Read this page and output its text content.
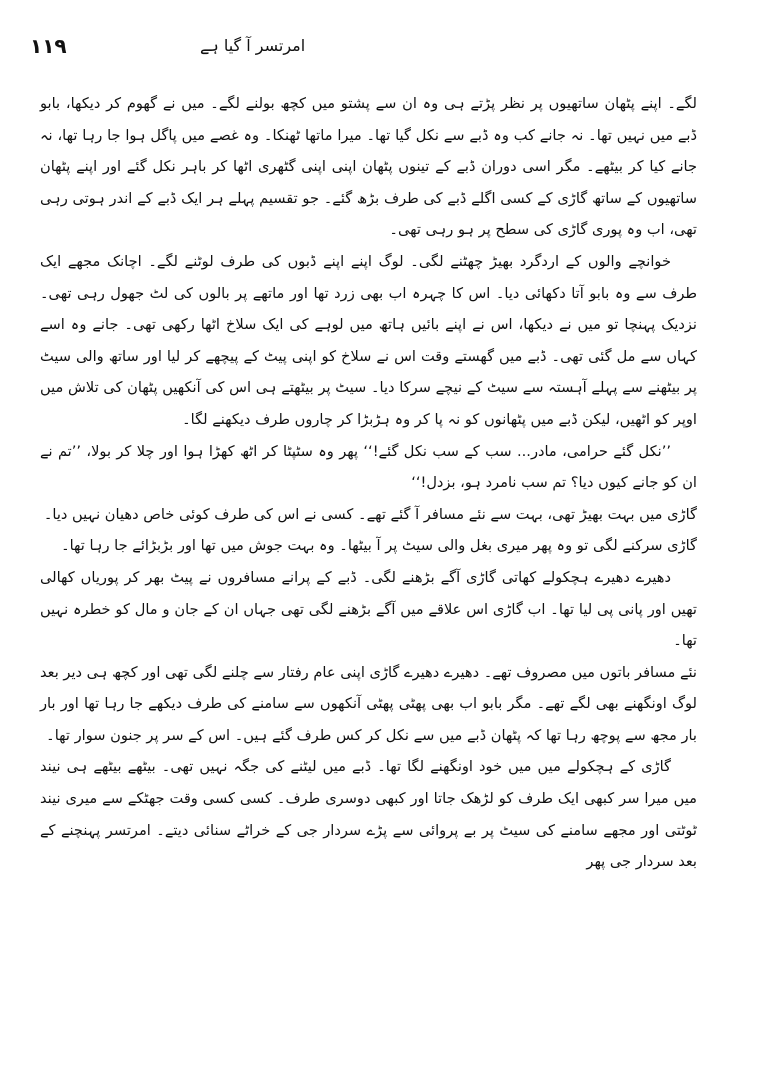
۱۱۹	امرتسر آ گیا ہے

لگے۔ اپنے پٹھان ساتھیوں پر نظر پڑتے ہی وہ ان سے پشتو میں کچھ بولنے لگے۔ میں نے گھوم کر دیکھا، بابو ڈبے میں نہیں تھا۔ نہ جانے کب وہ ڈبے سے نکل گیا تھا۔ میرا ماتھا ٹھنکا۔ وہ غصے میں پاگل ہوا جا رہا تھا، نہ جانے کیا کر بیٹھے۔ مگر اسی دوران ڈبے کے تینوں پٹھان اپنی اپنی گٹھری اٹھا کر باہر نکل گئے اور اپنے پٹھان ساتھیوں کے ساتھ گاڑی کے کسی اگلے ڈبے کی طرف بڑھ گئے۔ جو تقسیم پہلے ہر ایک ڈبے کے اندر ہوتی رہی تھی، اب وہ پوری گاڑی کی سطح پر ہو رہی تھی۔

خوانچے والوں کے اردگرد بھیڑ چھٹنے لگی۔ لوگ اپنے اپنے ڈبوں کی طرف لوٹنے لگے۔ اچانک مجھے ایک طرف سے وہ بابو آتا دکھائی دیا۔ اس کا چہرہ اب بھی زرد تھا اور ماتھے پر بالوں کی لٹ جھول رہی تھی۔ نزدیک پہنچا تو میں نے دیکھا، اس نے اپنے بائیں ہاتھ میں لوہے کی ایک سلاخ اٹھا رکھی تھی۔ جانے وہ اسے کہاں سے مل گئی تھی۔ ڈبے میں گھستے وقت اس نے سلاخ کو اپنی پیٹ کے پیچھے کر لیا اور ساتھ والی سیٹ پر بیٹھنے سے پہلے آہستہ سے سیٹ کے نیچے سرکا دیا۔ سیٹ پر بیٹھتے ہی اس کی آنکھیں پٹھان کی تلاش میں اوپر کو اٹھیں، لیکن ڈبے میں پٹھانوں کو نہ پا کر وہ ہڑبڑا کر چاروں طرف دیکھنے لگا۔

’’نکل گئے حرامی، مادر... سب کے سب نکل گئے!‘‘ پھر وہ سٹپٹا کر اٹھ کھڑا ہوا اور چلا کر بولا، ’’تم نے ان کو جانے کیوں دیا؟ تم سب نامرد ہو، بزدل!‘‘

گاڑی میں بہت بھیڑ تھی، بہت سے نئے مسافر آ گئے تھے۔ کسی نے اس کی طرف کوئی خاص دھیان نہیں دیا۔

گاڑی سرکنے لگی تو وہ پھر میری بغل والی سیٹ پر آ بیٹھا۔ وہ بہت جوش میں تھا اور بڑبڑائے جا رہا تھا۔

دھیرے دھیرے ہچکولے کھاتی گاڑی آگے بڑھنے لگی۔ ڈبے کے پرانے مسافروں نے پیٹ بھر کر پوریاں کھالی تھیں اور پانی پی لیا تھا۔ اب گاڑی اس علاقے میں آگے بڑھنے لگی تھی جہاں ان کے جان و مال کو خطرہ نہیں تھا۔

نئے مسافر باتوں میں مصروف تھے۔ دھیرے دھیرے گاڑی اپنی عام رفتار سے چلنے لگی تھی اور کچھ ہی دیر بعد لوگ اونگھنے بھی لگے تھے۔ مگر بابو اب بھی پھٹی پھٹی آنکھوں سے سامنے کی طرف دیکھے جا رہا تھا اور بار بار مجھ سے پوچھ رہا تھا کہ پٹھان ڈبے میں سے نکل کر کس طرف گئے ہیں۔ اس کے سر پر جنون سوار تھا۔

گاڑی کے ہچکولے میں میں خود اونگھنے لگا تھا۔ ڈبے میں لیٹنے کی جگہ نہیں تھی۔ بیٹھے بیٹھے ہی نیند میں میرا سر کبھی ایک طرف کو لڑھک جاتا اور کبھی دوسری طرف۔ کسی کسی وقت جھٹکے سے میری نیند ٹوٹتی اور مجھے سامنے کی سیٹ پر بے پروائی سے پڑے سردار جی کے خراٹے سنائی دیتے۔ امرتسر پہنچنے کے بعد سردار جی پھر
